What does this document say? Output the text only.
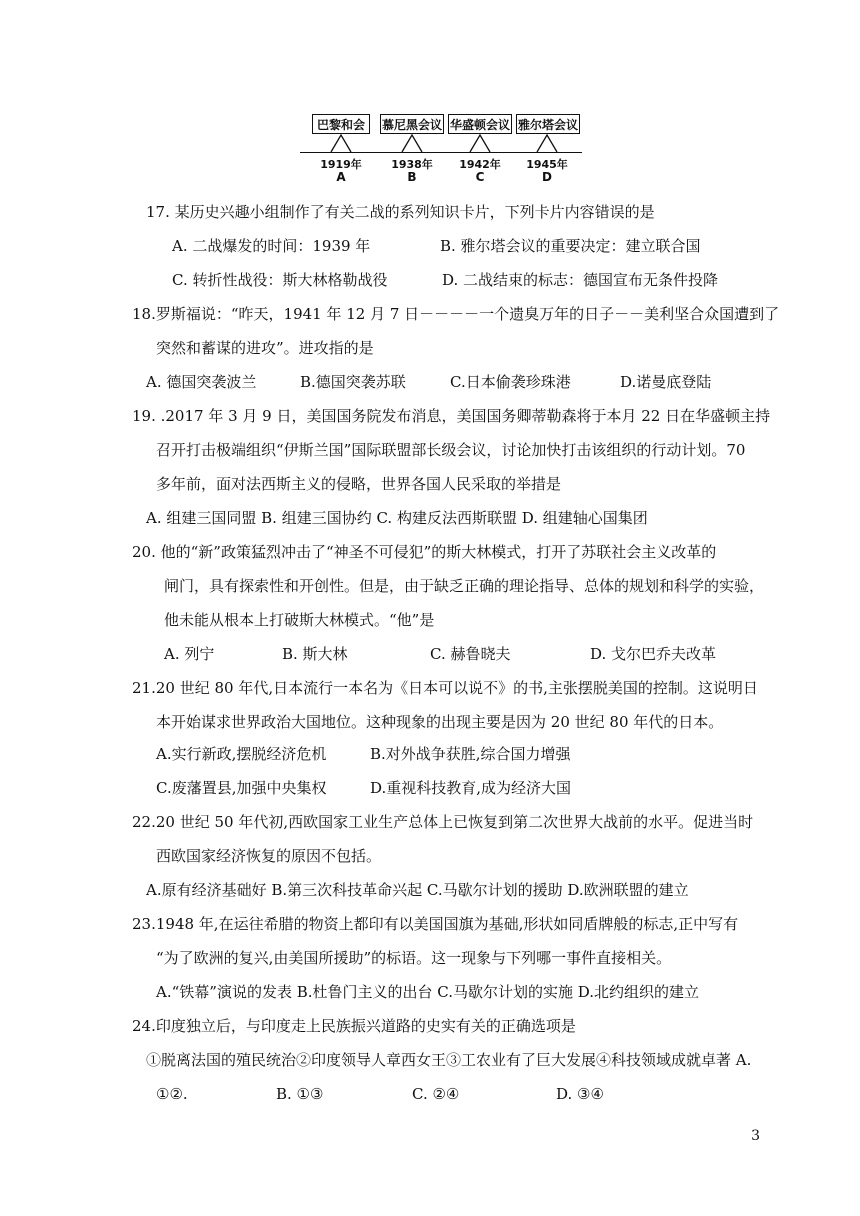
巴黎和会	慕尼黑会议 华盛顿会议 雅尔塔会议
1919年	1938年 1942年 1945年
A	B	C	D
17. 某历史兴趣小组制作了有关二战的系列知识卡片，下列卡片内容错误的是
A. 二战爆发的时间：1939 年	B. 雅尔塔会议的重要决定：建立联合国
C. 转折性战役：斯大林格勒战役	D. 二战结束的标志：德国宣布无条件投降
18.罗斯福说：“昨天，1941 年 12 月 7 日－－－－一个遗臭万年的日子－－美利坚合众国遭到了
突然和蓄谋的进攻”。进攻指的是
A. 德国突袭波兰	B.德国突袭苏联	C.日本偷袭珍珠港	D.诺曼底登陆
19. .2017 年 3 月 9 日，美国国务院发布消息，美国国务卿蒂勒森将于本月 22 日在华盛顿主持
召开打击极端组织“伊斯兰国”国际联盟部长级会议，讨论加快打击该组织的行动计划。70
多年前，面对法西斯主义的侵略，世界各国人民采取的举措是
A. 组建三国同盟 B. 组建三国协约 C. 构建反法西斯联盟 D. 组建轴心国集团
20. 他的“新”政策猛烈冲击了“神圣不可侵犯”的斯大林模式，打开了苏联社会主义改革的
闸门，具有探索性和开创性。但是，由于缺乏正确的理论指导、总体的规划和科学的实验，
他未能从根本上打破斯大林模式。“他”是
A. 列宁	B. 斯大林	C. 赫鲁晓夫	D. 戈尔巴乔夫改革
21.20 世纪 80 年代,日本流行一本名为《日本可以说不》的书,主张摆脱美国的控制。这说明日
本开始谋求世界政治大国地位。这种现象的出现主要是因为 20 世纪 80 年代的日本。
A.实行新政,摆脱经济危机	B.对外战争获胜,综合国力增强
C.废藩置县,加强中央集权	D.重视科技教育,成为经济大国
22.20 世纪 50 年代初,西欧国家工业生产总体上已恢复到第二次世界大战前的水平。促进当时
西欧国家经济恢复的原因不包括。
A.原有经济基础好 B.第三次科技革命兴起 C.马歇尔计划的援助 D.欧洲联盟的建立
23.1948 年,在运往希腊的物资上都印有以美国国旗为基础,形状如同盾牌般的标志,正中写有
“为了欧洲的复兴,由美国所援助”的标语。这一现象与下列哪一事件直接相关。
A.“铁幕”演说的发表 B.杜鲁门主义的出台 C.马歇尔计划的实施 D.北约组织的建立
24.印度独立后，与印度走上民族振兴道路的史实有关的正确选项是
①脱离法国的殖民统治②印度领导人章西女王③工农业有了巨大发展④科技领域成就卓著 A.
①②.	B. ①③	C. ②④	D. ③④
3
